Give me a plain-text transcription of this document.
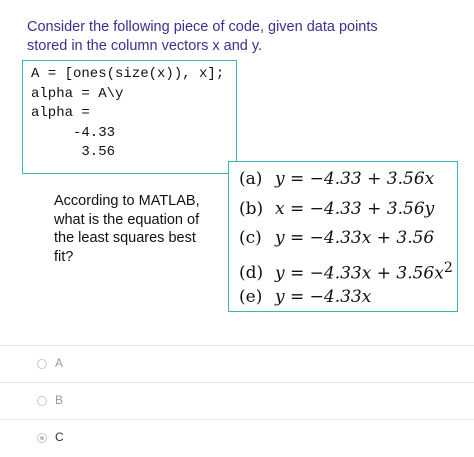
Consider the following piece of code, given data points
stored in the column vectors x and y.
A = [ones(size(x)), x];
alpha = A\y
alpha =
-4.33
3.56
According to MATLAB, what is the equation of the least squares best fit?
(a) y = −4.33 + 3.56x
(b) x = −4.33 + 3.56y
(c) y = −4.33x + 3.56
(d) $y = -4.33x + 3.56x^2$
(e) y = −4.33x
A
B
C
